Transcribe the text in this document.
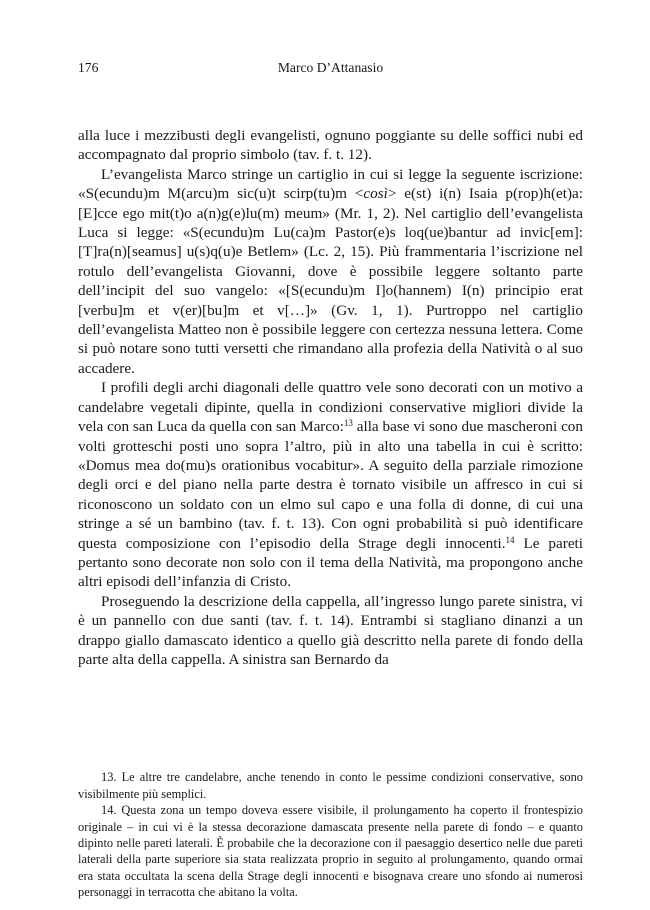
176	Marco D’Attanasio

alla luce i mezzibusti degli evangelisti, ognuno poggiante su delle soffici nubi ed accompagnato dal proprio simbolo (tav. f. t. 12).

L’evangelista Marco stringe un cartiglio in cui si legge la seguente iscrizione: «S(ecundu)m M(arcu)m sic(u)t scirp(tu)m <così> e(st) i(n) Isaia p(rop)h(et)a: [E]cce ego mit(t)o a(n)g(e)lu(m) meum» (Mr. 1, 2). Nel cartiglio dell’evangelista Luca si legge: «S(ecundu)m Lu(ca)m Pastor(e)s loq(ue)bantur ad invic[em]: [T]ra(n)[seamus] u(s)q(u)e Betlem» (Lc. 2, 15). Più frammentaria l’iscrizione nel rotulo dell’evangelista Giovanni, dove è possibile leggere soltanto parte dell’incipit del suo vangelo: «[S(ecundu)m I]o(hannem) I(n) principio erat [verbu]m et v(er)[bu]m et v[…]» (Gv. 1, 1). Purtroppo nel cartiglio dell’evangelista Matteo non è possibile leggere con certezza nessuna lettera. Come si può notare sono tutti versetti che rimandano alla profezia della Natività o al suo accadere.

I profili degli archi diagonali delle quattro vele sono decorati con un motivo a candelabre vegetali dipinte, quella in condizioni conservative migliori divide la vela con san Luca da quella con san Marco:$^{13}$ alla base vi sono due mascheroni con volti grotteschi posti uno sopra l’altro, più in alto una tabella in cui è scritto: «Domus mea do(mu)s orationibus vocabitur». A seguito della parziale rimozione degli orci e del piano nella parte destra è tornato visibile un affresco in cui si riconoscono un soldato con un elmo sul capo e una folla di donne, di cui una stringe a sé un bambino (tav. f. t. 13). Con ogni probabilità si può identificare questa composizione con l’episodio della Strage degli innocenti.$^{14}$ Le pareti pertanto sono decorate non solo con il tema della Natività, ma propongono anche altri episodi dell’infanzia di Cristo.

Proseguendo la descrizione della cappella, all’ingresso lungo parete sinistra, vi è un pannello con due santi (tav. f. t. 14). Entrambi si stagliano dinanzi a un drappo giallo damascato identico a quello già descritto nella parete di fondo della parte alta della cappella. A sinistra san Bernardo da

13. Le altre tre candelabre, anche tenendo in conto le pessime condizioni conservative, sono visibilmente più semplici.

14. Questa zona un tempo doveva essere visibile, il prolungamento ha coperto il frontespizio originale – in cui vi è la stessa decorazione damascata presente nella parete di fondo – e quanto dipinto nelle pareti laterali. È probabile che la decorazione con il paesaggio desertico nelle due pareti laterali della parte superiore sia stata realizzata proprio in seguito al prolungamento, quando ormai era stata occultata la scena della Strage degli innocenti e bisognava creare uno sfondo ai numerosi personaggi in terracotta che abitano la volta.
